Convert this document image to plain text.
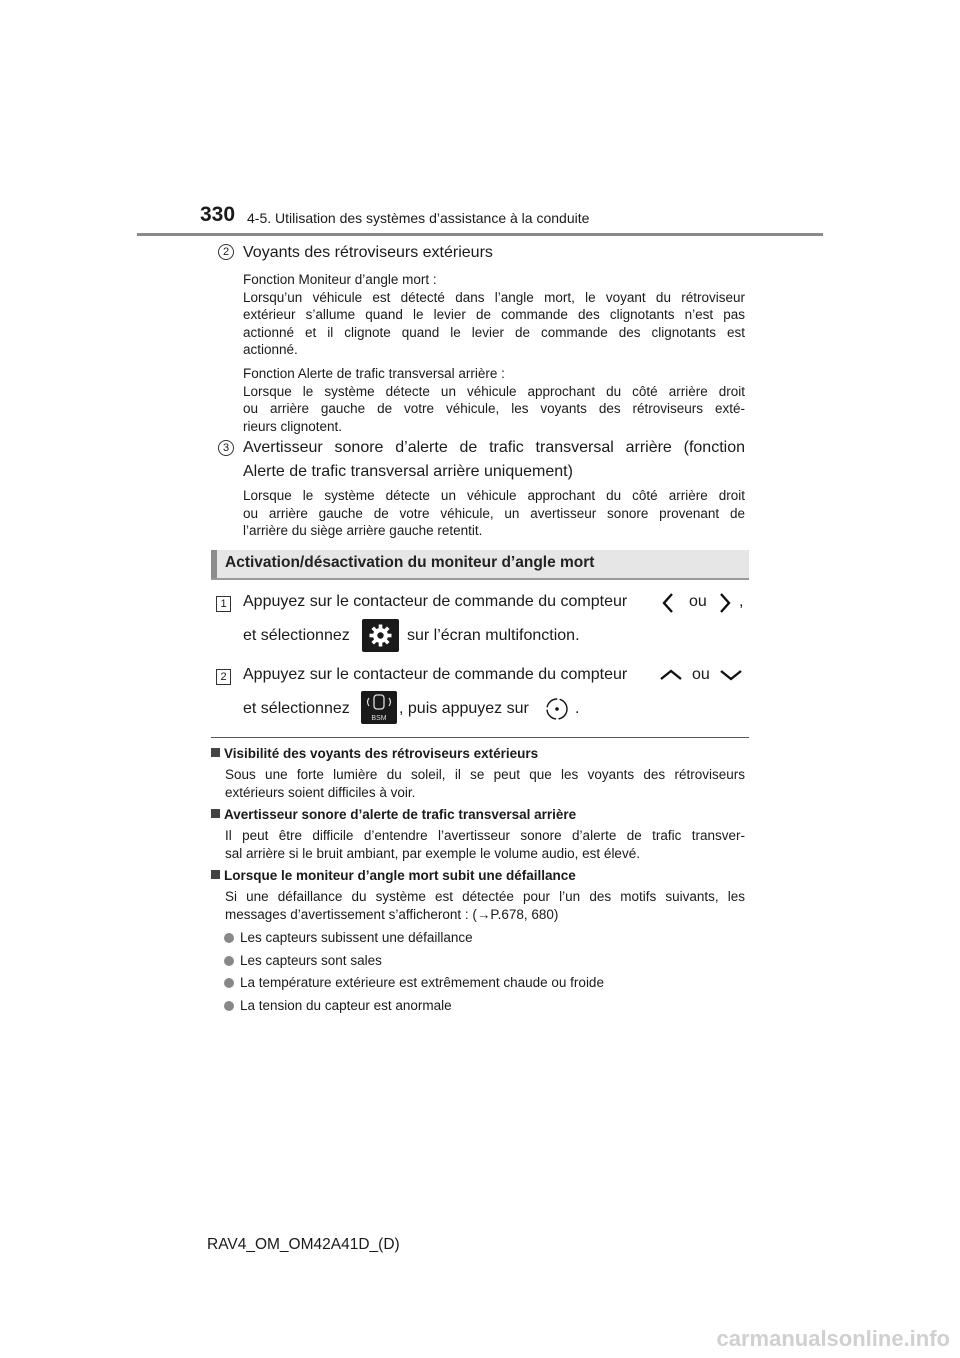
330 4-5. Utilisation des systèmes d’assistance à la conduite
2 Voyants des rétroviseurs extérieurs
Fonction Moniteur d’angle mort :
Lorsqu’un véhicule est détecté dans l’angle mort, le voyant du rétroviseur
extérieur s’allume quand le levier de commande des clignotants n’est pas
actionné et il clignote quand le levier de commande des clignotants est
actionné.
Fonction Alerte de trafic transversal arrière :
Lorsque le système détecte un véhicule approchant du côté arrière droit
ou arrière gauche de votre véhicule, les voyants des rétroviseurs exté-
rieurs clignotent.
3 Avertisseur sonore d’alerte de trafic transversal arrière (fonction
Alerte de trafic transversal arrière uniquement)
Lorsque le système détecte un véhicule approchant du côté arrière droit
ou arrière gauche de votre véhicule, un avertisseur sonore provenant de
l’arrière du siège arrière gauche retentit.
Activation/désactivation du moniteur d’angle mort
1 Appuyez sur le contacteur de commande du compteur	ou ,
et sélectionnez	sur l’écran multifonction.
2 Appuyez sur le contacteur de commande du compteur	ou
et sélectionnez
BSM
, puis appuyez sur	.
Visibilité des voyants des rétroviseurs extérieurs
Sous une forte lumière du soleil, il se peut que les voyants des rétroviseurs
extérieurs soient difficiles à voir.
Avertisseur sonore d’alerte de trafic transversal arrière
Il peut être difficile d’entendre l’avertisseur sonore d’alerte de trafic transver-
sal arrière si le bruit ambiant, par exemple le volume audio, est élevé.
Lorsque le moniteur d’angle mort subit une défaillance
Si une défaillance du système est détectée pour l’un des motifs suivants, les
messages d’avertissement s’afficheront : (→P.678, 680)
Les capteurs subissent une défaillance
Les capteurs sont sales
La température extérieure est extrêmement chaude ou froide
La tension du capteur est anormale
RAV4_OM_OM42A41D_(D)
carmanualsonline.info
